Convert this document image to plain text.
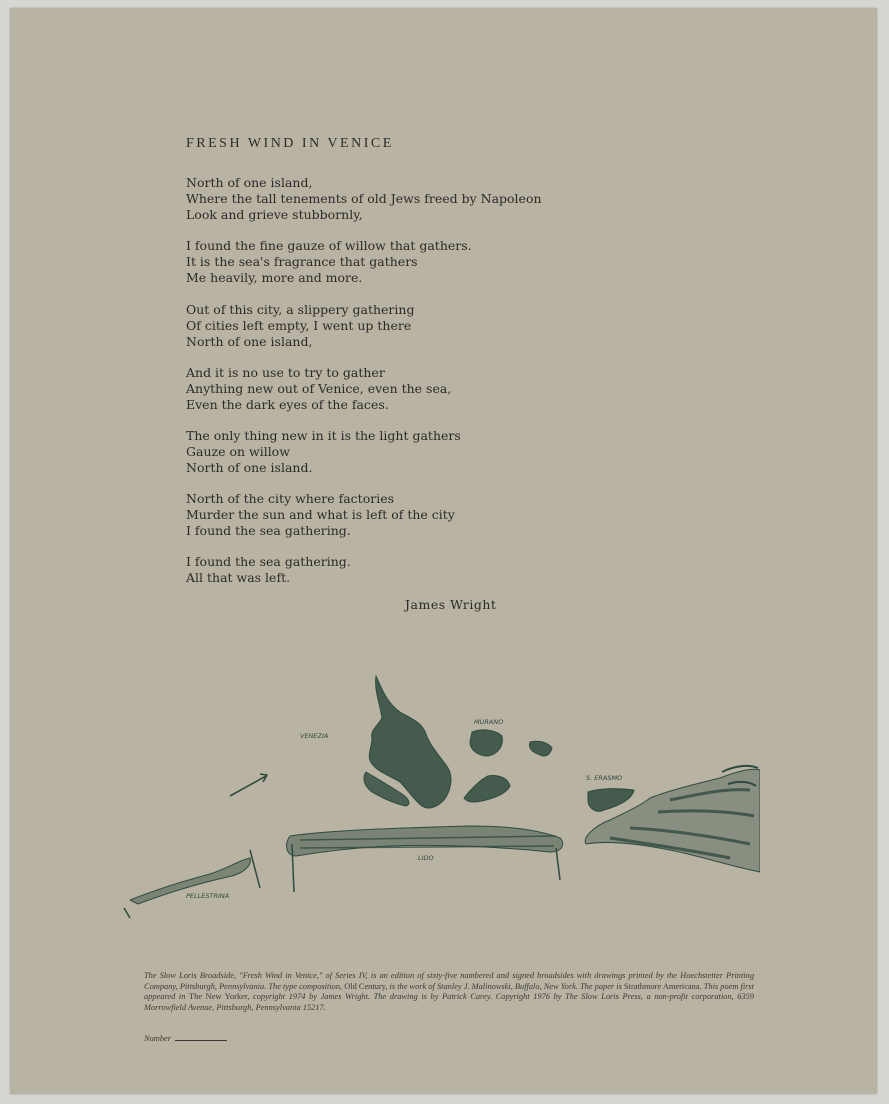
FRESH WIND IN VENICE
North of one island,
Where the tall tenements of old Jews freed by Napoleon
Look and grieve stubbornly,
I found the fine gauze of willow that gathers.
It is the sea's fragrance that gathers
Me heavily, more and more.
Out of this city, a slippery gathering
Of cities left empty, I went up there
North of one island,
And it is no use to try to gather
Anything new out of Venice, even the sea,
Even the dark eyes of the faces.
The only thing new in it is the light gathers
Gauze on willow
North of one island.
North of the city where factories
Murder the sun and what is left of the city
I found the sea gathering.
I found the sea gathering.
All that was left.
James Wright
VENEZIA
MURANO
S. ERASMO
LIDO
PELLESTRINA
The Slow Loris Broadside, "Fresh Wind in Venice," of Series IV, is an edition of sixty-five numbered and signed broadsides with drawings printed by the Hoechstetter Printing Company, Pittsburgh, Pennsylvania. The type composition, Old Century, is the work of Stanley J. Malinowski, Buffalo, New York. The paper is Strathmore Americana. This poem first appeared in The New Yorker, copyright 1974 by James Wright. The drawing is by Patrick Carey. Copyright 1976 by The Slow Loris Press, a non-profit corporation, 6359 Morrowfield Avenue, Pittsburgh, Pennsylvania 15217.
Number
